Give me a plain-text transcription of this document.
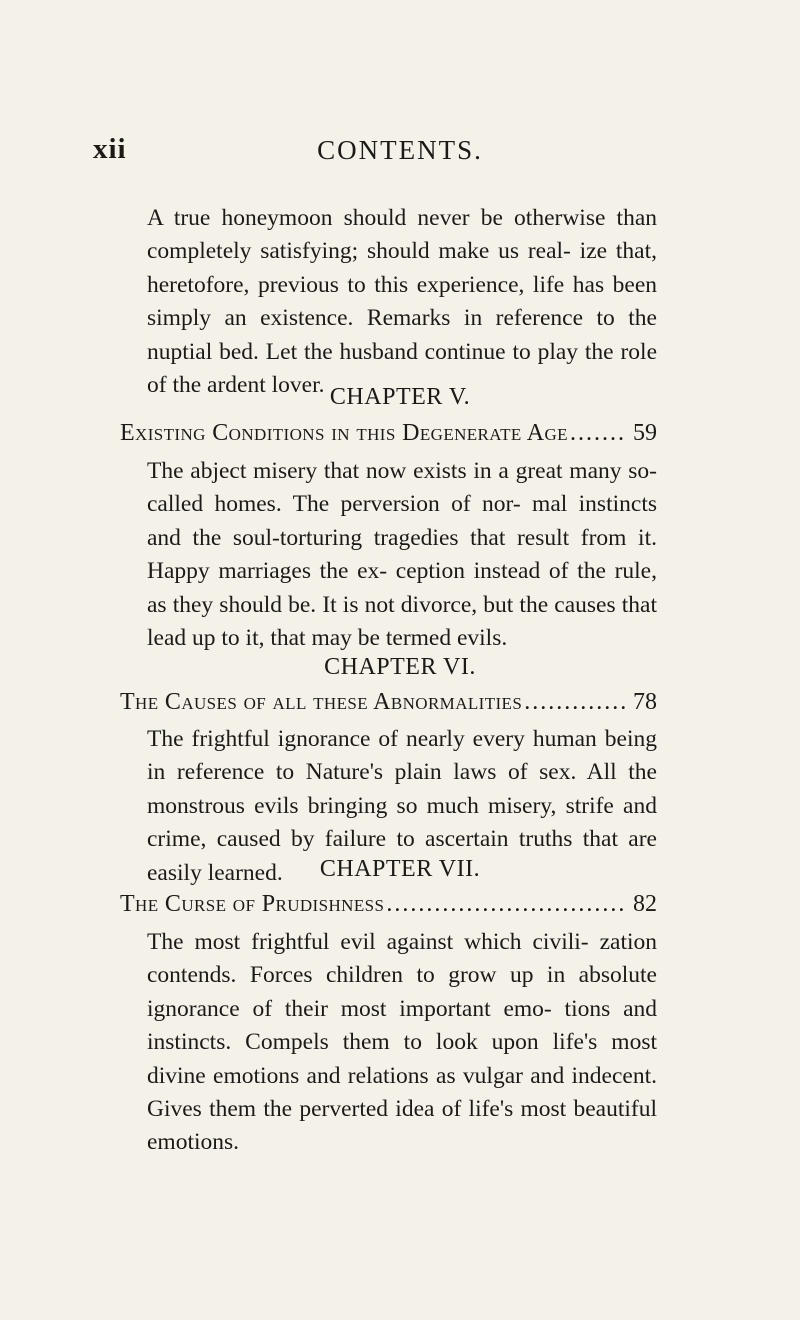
xii	CONTENTS.

A true honeymoon should never be otherwise than completely satisfying; should make us real- ize that, heretofore, previous to this experience, life has been simply an existence. Remarks in reference to the nuptial bed. Let the husband continue to play the role of the ardent lover. CHAPTER V.
Existing Conditions in this Degenerate Age .....	59

The abject misery that now exists in a great many so-called homes. The perversion of nor- mal instincts and the soul-torturing tragedies that result from it. Happy marriages the ex- ception instead of the rule, as they should be. It is not divorce, but the causes that lead up to it, that may be termed evils.

CHAPTER VI.
The Causes of all these Abnormalities .....	78

The frightful ignorance of nearly every human being in reference to Nature's plain laws of sex. All the monstrous evils bringing so much misery, strife and crime, caused by failure to ascertain truths that are easily learned.	CHAPTER VII.
The Curse of Prudishness .....	82

The most frightful evil against which civili- zation contends. Forces children to grow up in absolute ignorance of their most important emo- tions and instincts. Compels them to look upon life's most divine emotions and relations as vulgar and indecent. Gives them the perverted idea of life's most beautiful emotions.
